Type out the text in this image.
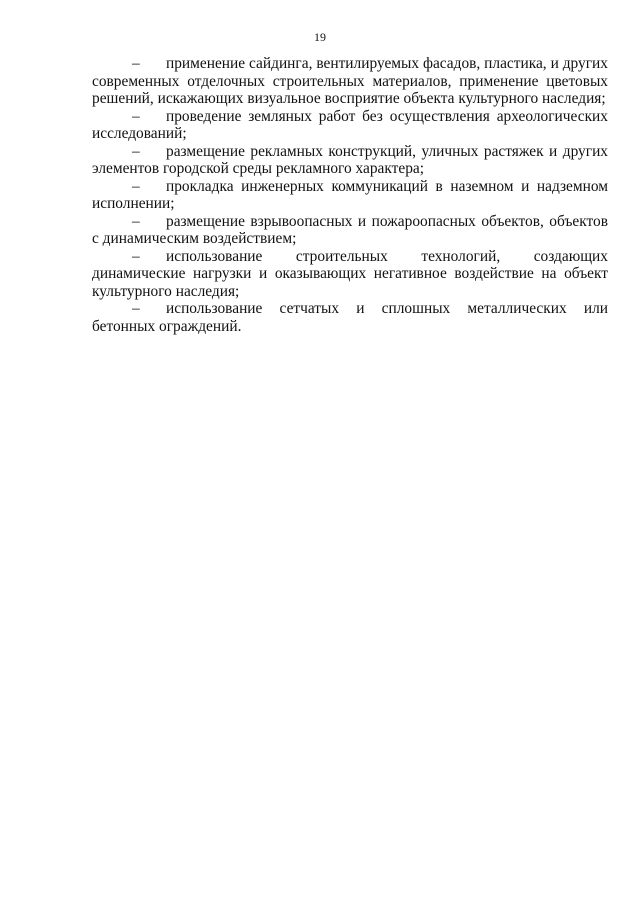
19

– применение сайдинга, вентилируемых фасадов, пластика, и других современных отделочных строительных материалов, применение цветовых решений, искажающих визуальное восприятие объекта культурного наследия;

– проведение земляных работ без осуществления археологических исследований;

– размещение рекламных конструкций, уличных растяжек и других элементов городской среды рекламного характера;

– прокладка инженерных коммуникаций в наземном и надземном исполнении;

– размещение взрывоопасных и пожароопасных объектов, объектов с динамическим воздействием;

– использование строительных технологий, создающих динамические нагрузки и оказывающих негативное воздействие на объект культурного наследия;

– использование сетчатых и сплошных металлических или бетонных ограждений.
